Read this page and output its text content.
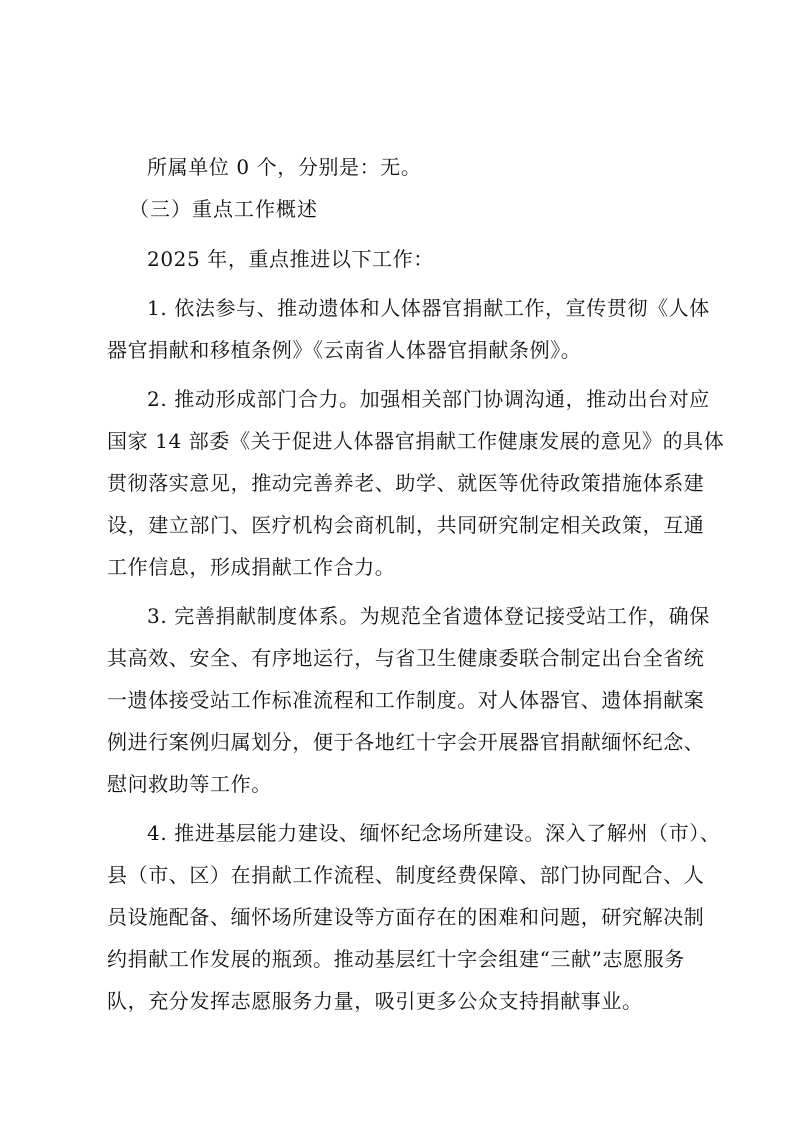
所属单位 0 个，分别是：无。
（三）重点工作概述
2025 年，重点推进以下工作：
1. 依法参与、推动遗体和人体器官捐献工作，宣传贯彻《人体
器官捐献和移植条例》《云南省人体器官捐献条例》。
2. 推动形成部门合力。加强相关部门协调沟通，推动出台对应
国家 14 部委《关于促进人体器官捐献工作健康发展的意见》的具体
贯彻落实意见，推动完善养老、助学、就医等优待政策措施体系建
设，建立部门、医疗机构会商机制，共同研究制定相关政策，互通
工作信息，形成捐献工作合力。
3. 完善捐献制度体系。为规范全省遗体登记接受站工作，确保
其高效、安全、有序地运行，与省卫生健康委联合制定出台全省统
一遗体接受站工作标准流程和工作制度。对人体器官、遗体捐献案
例进行案例归属划分，便于各地红十字会开展器官捐献缅怀纪念、
慰问救助等工作。
4. 推进基层能力建设、缅怀纪念场所建设。深入了解州（市）、
县（市、区）在捐献工作流程、制度经费保障、部门协同配合、人
员设施配备、缅怀场所建设等方面存在的困难和问题，研究解决制
约捐献工作发展的瓶颈。推动基层红十字会组建“三献”志愿服务
队，充分发挥志愿服务力量，吸引更多公众支持捐献事业。
